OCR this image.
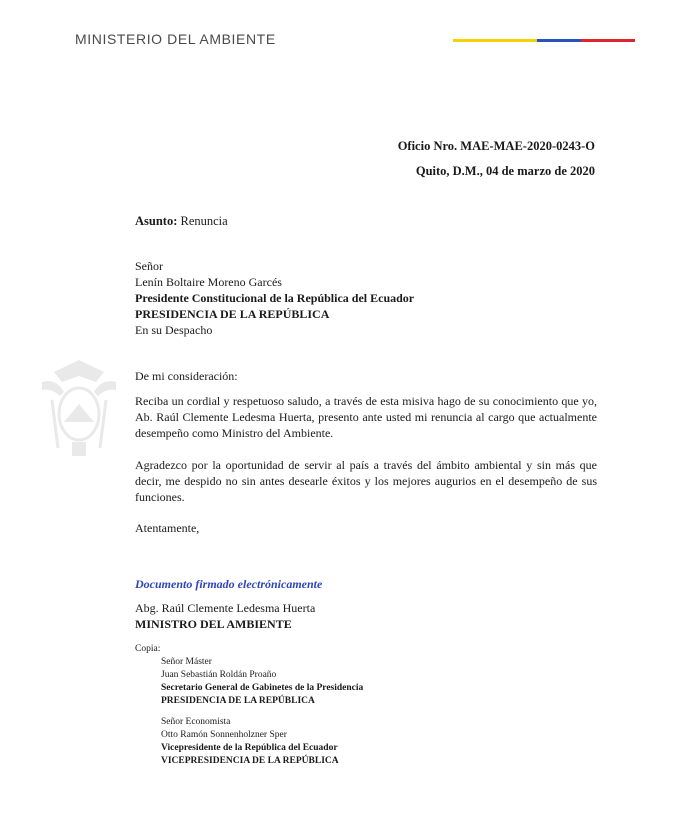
MINISTERIO DEL AMBIENTE
Oficio Nro. MAE-MAE-2020-0243-O
Quito, D.M., 04 de marzo de 2020
Asunto: Renuncia
Señor
Lenín Boltaire Moreno Garcés
Presidente Constitucional de la República del Ecuador
PRESIDENCIA DE LA REPÚBLICA
En su Despacho
De mi consideración:
Reciba un cordial y respetuoso saludo, a través de esta misiva hago de su conocimiento que yo, Ab. Raúl Clemente Ledesma Huerta, presento ante usted mi renuncia al cargo que actualmente desempeño como Ministro del Ambiente.
Agradezco por la oportunidad de servir al país a través del ámbito ambiental y sin más que decir, me despido no sin antes desearle éxitos y los mejores augurios en el desempeño de sus funciones.
Atentamente,
Documento firmado electrónicamente
Abg. Raúl Clemente Ledesma Huerta
MINISTRO DEL AMBIENTE
Copia:
Señor Máster
Juan Sebastián Roldán Proaño
Secretario General de Gabinetes de la Presidencia
PRESIDENCIA DE LA REPÚBLICA
Señor Economista
Otto Ramón Sonnenholzner Sper
Vicepresidente de la República del Ecuador
VICEPRESIDENCIA DE LA REPÚBLICA
